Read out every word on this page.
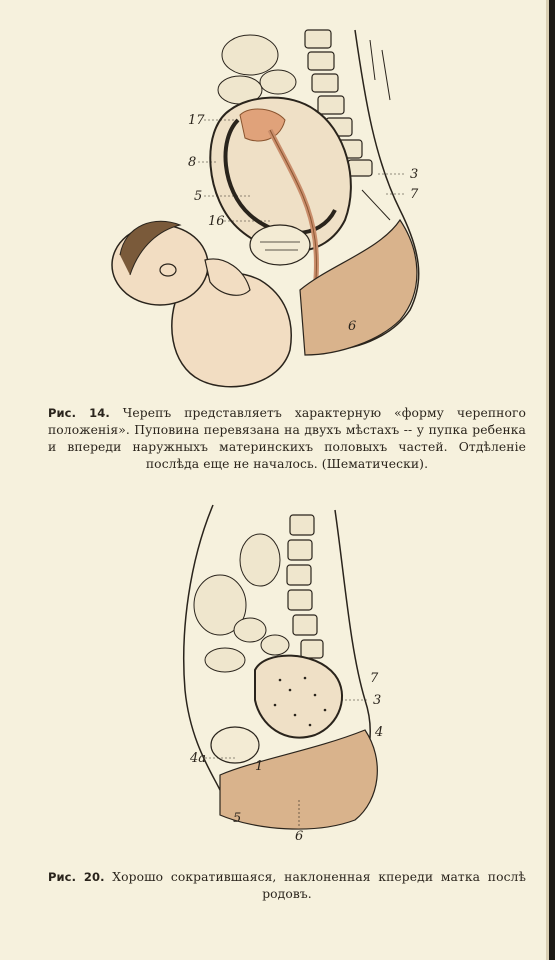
17
8
5
16
3
7
6
Рис. 14. Черепъ представляетъ характерную «форму черепного положенія». Пуповина перевязана на двухъ мѣстахъ -- у пупка ребенка и впереди наружныхъ материнскихъ половыхъ частей. Отдѣленіе послѣда еще не началось. (Шематически).
7
3
4
4a
1
5
6
Рис. 20. Хорошо сократившаяся, наклоненная кпереди матка послѣ родовъ.
